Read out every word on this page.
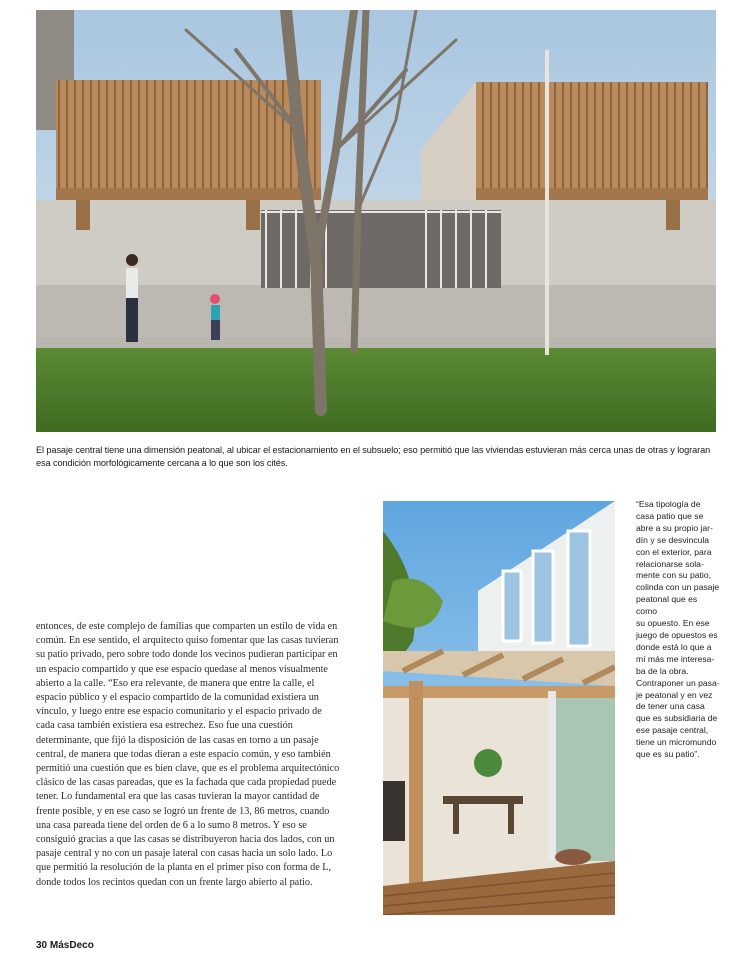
El pasaje central tiene una dimensión peatonal, al ubicar el estacionamiento en el subsuelo; eso permitió que las viviendas estuvieran más cerca unas de otras y lograran esa condición morfológicamente cercana a lo que son los cités.

entonces, de este complejo de familias que comparten un estilo de vida en común. En ese sentido, el arquitecto quiso fomentar que las casas tuvieran su patio privado, pero sobre todo donde los vecinos pudieran participar en un espacio compartido y que ese espacio quedase al menos visualmente abierto a la calle. “Eso era relevante, de manera que entre la calle, el espacio público y el espacio compartido de la comunidad existiera un vínculo, y luego entre ese espacio comunitario y el espacio privado de cada casa también existiera esa estrechez. Eso fue una cuestión determinante, que fijó la disposición de las casas en torno a un pasaje central, de manera que todas dieran a este espacio común, y eso también permitió una cuestión que es bien clave, que es el problema arquitectónico clásico de las casas pareadas, que es la fachada que cada propiedad puede tener. Lo fundamental era que las casas tuvieran la mayor cantidad de frente posible, y en ese caso se logró un frente de 13, 86 metros, cuando una casa pareada tiene del orden de 6 a lo sumo 8 metros. Y eso se consiguió gracias a que las casas se distribuyeron hacia dos lados, con un pasaje central y no con un pasaje lateral con casas hacia un solo lado. Lo que permitió la resolución de la planta en el primer piso con forma de L, donde todos los recintos quedan con un frente largo abierto al patio.

“Esa tipología de
casa patio que se
abre a su propio jar-
dín y se desvincula
con el exterior, para
relacionarse sola-
mente con su patio,
colinda con un pasaje
peatonal que es como
su opuesto. En ese
juego de opuestos es
donde está lo que a
mí más me interesa-
ba de la obra.
Contraponer un pasa-
je peatonal y en vez
de tener una casa
que es subsidiaria de
ese pasaje central,
tiene un micromundo
que es su patio”.
30 MásDeco
